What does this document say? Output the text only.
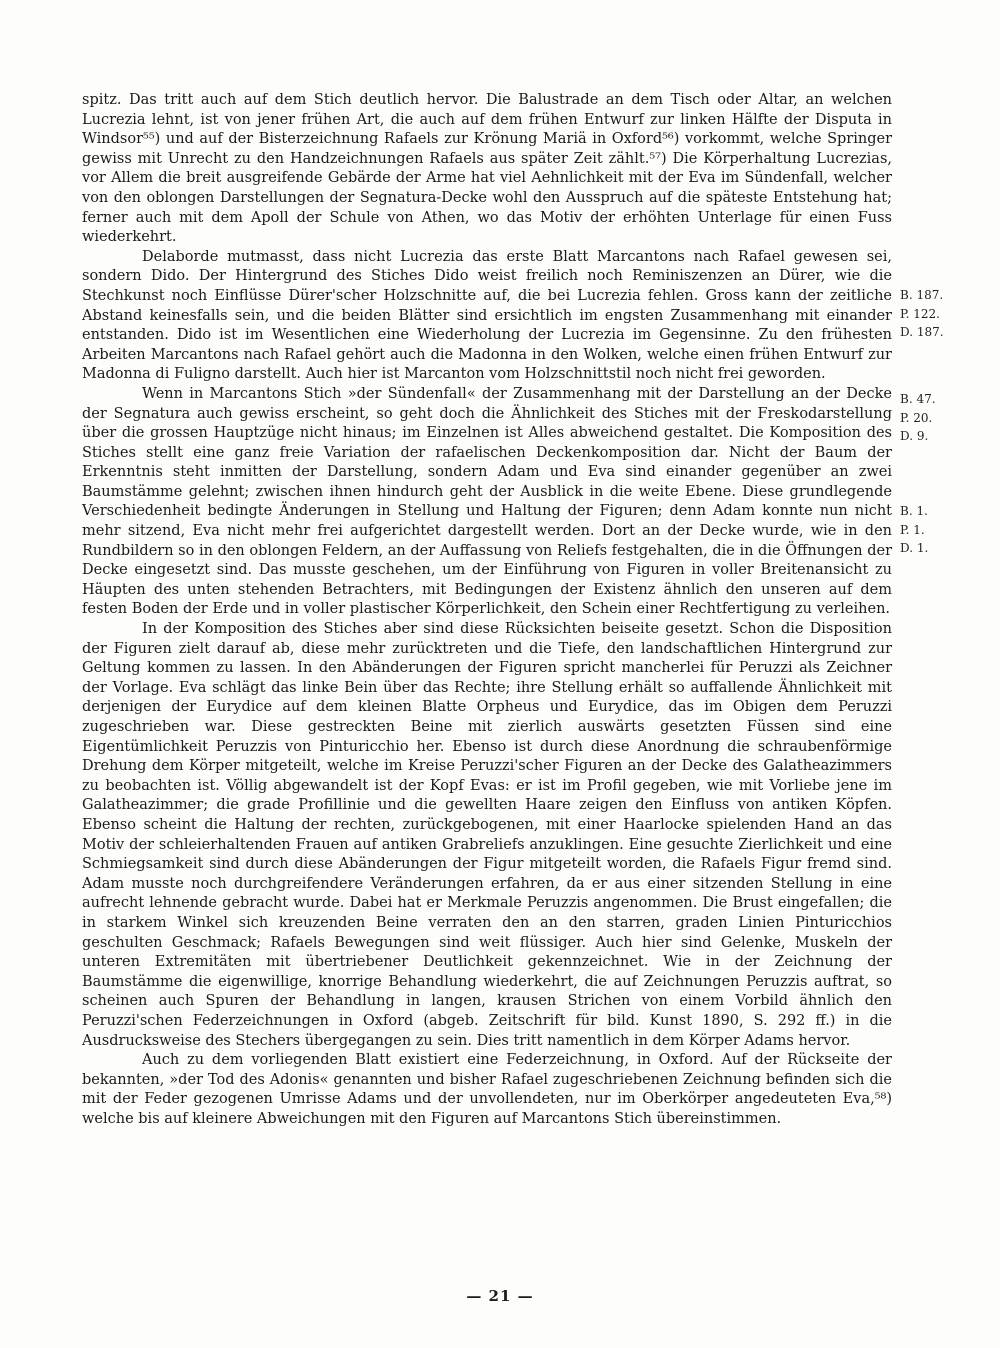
spitz. Das tritt auch auf dem Stich deutlich hervor. Die Balustrade an dem Tisch oder Altar, an welchen Lucrezia lehnt, ist von jener frühen Art, die auch auf dem frühen Entwurf zur linken Hälfte der Disputa in Windsor⁵⁵) und auf der Bisterzeichnung Rafaels zur Krönung Mariä in Oxford⁵⁶) vorkommt, welche Springer gewiss mit Unrecht zu den Handzeichnungen Rafaels aus später Zeit zählt.⁵⁷) Die Körperhaltung Lucrezias, vor Allem die breit ausgreifende Gebärde der Arme hat viel Aehnlichkeit mit der Eva im Sündenfall, welcher von den oblongen Darstellungen der Segnatura-Decke wohl den Ausspruch auf die späteste Entstehung hat; ferner auch mit dem Apoll der Schule von Athen, wo das Motiv der erhöhten Unterlage für einen Fuss wiederkehrt.

Delaborde mutmasst, dass nicht Lucrezia das erste Blatt Marcantons nach Rafael gewesen sei, sondern Dido. Der Hintergrund des Stiches Dido weist freilich noch Reminiszenzen an Dürer, wie die Stechkunst noch Einflüsse Dürer'scher Holzschnitte auf, die bei Lucrezia fehlen. Gross kann der zeitliche Abstand keinesfalls sein, und die beiden Blätter sind ersichtlich im engsten Zusammenhang mit einander entstanden. Dido ist im Wesentlichen eine Wiederholung der Lucrezia im Gegensinne. Zu den frühesten Arbeiten Marcantons nach Rafael gehört auch die Madonna in den Wolken, welche einen frühen Entwurf zur Madonna di Fuligno darstellt. Auch hier ist Marcanton vom Holzschnittstil noch nicht frei geworden.

Wenn in Marcantons Stich »der Sündenfall« der Zusammenhang mit der Darstellung an der Decke der Segnatura auch gewiss erscheint, so geht doch die Ähnlichkeit des Stiches mit der Freskodarstellung über die grossen Hauptzüge nicht hinaus; im Einzelnen ist Alles abweichend gestaltet. Die Komposition des Stiches stellt eine ganz freie Variation der rafaelischen Deckenkomposition dar. Nicht der Baum der Erkenntnis steht inmitten der Darstellung, sondern Adam und Eva sind einander gegenüber an zwei Baumstämme gelehnt; zwischen ihnen hindurch geht der Ausblick in die weite Ebene. Diese grundlegende Verschiedenheit bedingte Änderungen in Stellung und Haltung der Figuren; denn Adam konnte nun nicht mehr sitzend, Eva nicht mehr frei aufgerichtet dargestellt werden. Dort an der Decke wurde, wie in den Rundbildern so in den oblongen Feldern, an der Auffassung von Reliefs festgehalten, die in die Öffnungen der Decke eingesetzt sind. Das musste geschehen, um der Einführung von Figuren in voller Breitenansicht zu Häupten des unten stehenden Betrachters, mit Bedingungen der Existenz ähnlich den unseren auf dem festen Boden der Erde und in voller plastischer Körperlichkeit, den Schein einer Rechtfertigung zu verleihen.

In der Komposition des Stiches aber sind diese Rücksichten beiseite gesetzt. Schon die Disposition der Figuren zielt darauf ab, diese mehr zurücktreten und die Tiefe, den landschaftlichen Hintergrund zur Geltung kommen zu lassen. In den Abänderungen der Figuren spricht mancherlei für Peruzzi als Zeichner der Vorlage. Eva schlägt das linke Bein über das Rechte; ihre Stellung erhält so auffallende Ähnlichkeit mit derjenigen der Eurydice auf dem kleinen Blatte Orpheus und Eurydice, das im Obigen dem Peruzzi zugeschrieben war. Diese gestreckten Beine mit zierlich auswärts gesetzten Füssen sind eine Eigentümlichkeit Peruzzis von Pinturicchio her. Ebenso ist durch diese Anordnung die schraubenförmige Drehung dem Körper mitgeteilt, welche im Kreise Peruzzi'scher Figuren an der Decke des Galatheazimmers zu beobachten ist. Völlig abgewandelt ist der Kopf Evas: er ist im Profil gegeben, wie mit Vorliebe jene im Galatheazimmer; die grade Profillinie und die gewellten Haare zeigen den Einfluss von antiken Köpfen. Ebenso scheint die Haltung der rechten, zurückgebogenen, mit einer Haarlocke spielenden Hand an das Motiv der schleierhaltenden Frauen auf antiken Grabreliefs anzuklingen. Eine gesuchte Zierlichkeit und eine Schmiegsamkeit sind durch diese Abänderungen der Figur mitgeteilt worden, die Rafaels Figur fremd sind. Adam musste noch durchgreifendere Veränderungen erfahren, da er aus einer sitzenden Stellung in eine aufrecht lehnende gebracht wurde. Dabei hat er Merkmale Peruzzis angenommen. Die Brust eingefallen; die in starkem Winkel sich kreuzenden Beine verraten den an den starren, graden Linien Pinturicchios geschulten Geschmack; Rafaels Bewegungen sind weit flüssiger. Auch hier sind Gelenke, Muskeln der unteren Extremitäten mit übertriebener Deutlichkeit gekennzeichnet. Wie in der Zeichnung der Baumstämme die eigenwillige, knorrige Behandlung wiederkehrt, die auf Zeichnungen Peruzzis auftrat, so scheinen auch Spuren der Behandlung in langen, krausen Strichen von einem Vorbild ähnlich den Peruzzi'schen Federzeichnungen in Oxford (abgeb. Zeitschrift für bild. Kunst 1890, S. 292 ff.) in die Ausdrucksweise des Stechers übergegangen zu sein. Dies tritt namentlich in dem Körper Adams hervor.

Auch zu dem vorliegenden Blatt existiert eine Federzeichnung, in Oxford. Auf der Rückseite der bekannten, »der Tod des Adonis« genannten und bisher Rafael zugeschriebenen Zeichnung befinden sich die mit der Feder gezogenen Umrisse Adams und der unvollendeten, nur im Oberkörper angedeuteten Eva,⁵⁸) welche bis auf kleinere Abweichungen mit den Figuren auf Marcantons Stich übereinstimmen.

B. 187.
P. 122.
D. 187.
B. 47.
P. 20.
D. 9.
B. 1.
P. 1.
D. 1.
— 21 —
